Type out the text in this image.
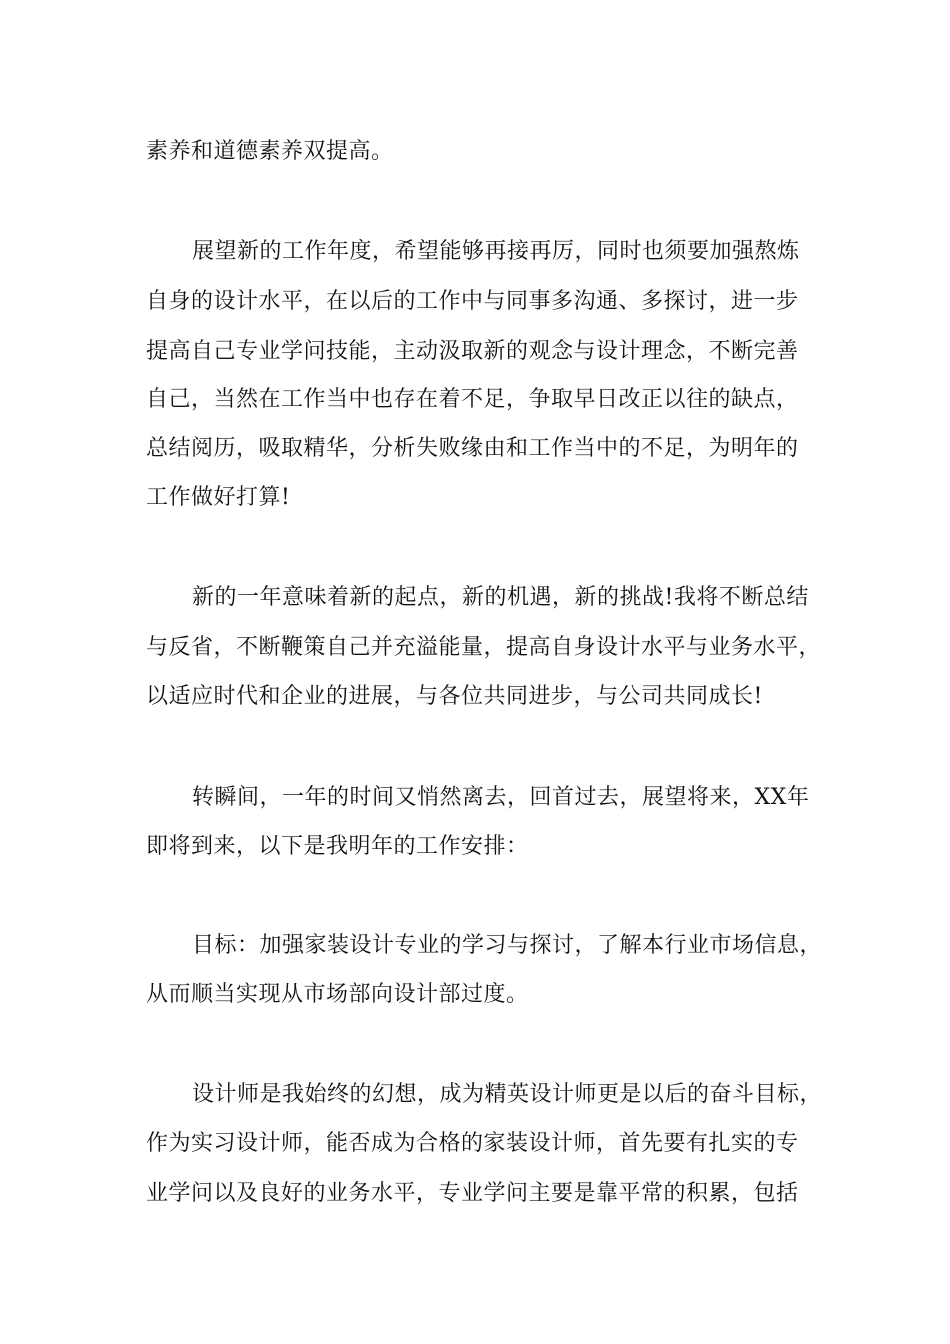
素养和道德素养双提高。
展望新的工作年度，希望能够再接再厉，同时也须要加强熬炼
自身的设计水平，在以后的工作中与同事多沟通、多探讨，进一步
提高自己专业学问技能，主动汲取新的观念与设计理念，不断完善
自己，当然在工作当中也存在着不足，争取早日改正以往的缺点，
总结阅历，吸取精华，分析失败缘由和工作当中的不足，为明年的
工作做好打算!
新的一年意味着新的起点，新的机遇，新的挑战!我将不断总结
与反省，不断鞭策自己并充溢能量，提高自身设计水平与业务水平，
以适应时代和企业的进展，与各位共同进步，与公司共同成长!
转瞬间，一年的时间又悄然离去，回首过去，展望将来，XX年
即将到来，以下是我明年的工作安排：
目标：加强家装设计专业的学习与探讨，了解本行业市场信息，
从而顺当实现从市场部向设计部过度。
设计师是我始终的幻想，成为精英设计师更是以后的奋斗目标，
作为实习设计师，能否成为合格的家装设计师，首先要有扎实的专
业学问以及良好的业务水平，专业学问主要是靠平常的积累，包括
